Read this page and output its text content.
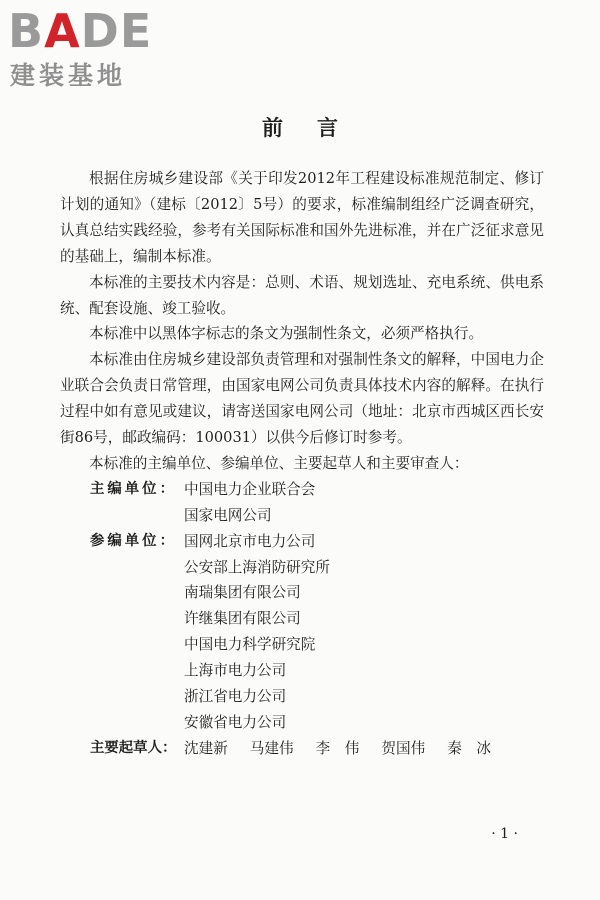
BADE
建装基地
前言

根据住房城乡建设部《关于印发2012年工程建设标准规范制定、修订计划的通知》（建标〔2012〕5号）的要求，标准编制组经广泛调查研究，认真总结实践经验，参考有关国际标准和国外先进标准，并在广泛征求意见的基础上，编制本标准。

本标准的主要技术内容是：总则、术语、规划选址、充电系统、供电系统、配套设施、竣工验收。

本标准中以黑体字标志的条文为强制性条文，必须严格执行。

本标准由住房城乡建设部负责管理和对强制性条文的解释，中国电力企业联合会负责日常管理，由国家电网公司负责具体技术内容的解释。在执行过程中如有意见或建议，请寄送国家电网公司（地址：北京市西城区西长安街86号，邮政编码：100031）以供今后修订时参考。

本标准的主编单位、参编单位、主要起草人和主要审查人：

主编单位： 中国电力企业联合会
国家电网公司
参编单位： 国网北京市电力公司
公安部上海消防研究所
南瑞集团有限公司
许继集团有限公司
中国电力科学研究院
上海市电力公司
浙江省电力公司
安徽省电力公司
主要起草人： 沈建新 马建伟 李　伟 贺国伟 秦　冰
· 1 ·
